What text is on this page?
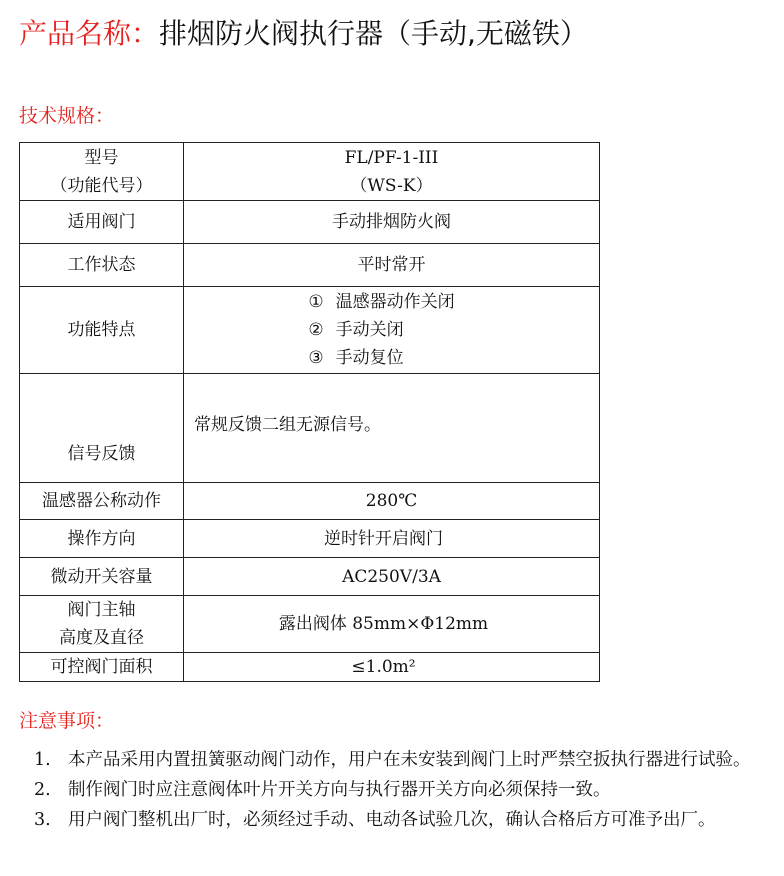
产品名称：排烟防火阀执行器（手动,无磁铁）
技术规格：
型号
（功能代号）	FL/PF-1-III
（WS-K）

适用阀门	手动排烟防火阀
工作状态	平时常开
功能特点	① 温感器动作关闭
② 手动关闭
③ 手动复位

信号反馈	常规反馈二组无源信号。
温感器公称动作	280℃
操作方向	逆时针开启阀门
微动开关容量	AC250V/3A

阀门主轴
高度及直径	露出阀体 85mm×Φ12mm
可控阀门面积	≤1.0m²
注意事项：
1. 本产品采用内置扭簧驱动阀门动作，用户在未安装到阀门上时严禁空扳执行器进行试验。
2. 制作阀门时应注意阀体叶片开关方向与执行器开关方向必须保持一致。
3. 用户阀门整机出厂时，必须经过手动、电动各试验几次，确认合格后方可准予出厂。
